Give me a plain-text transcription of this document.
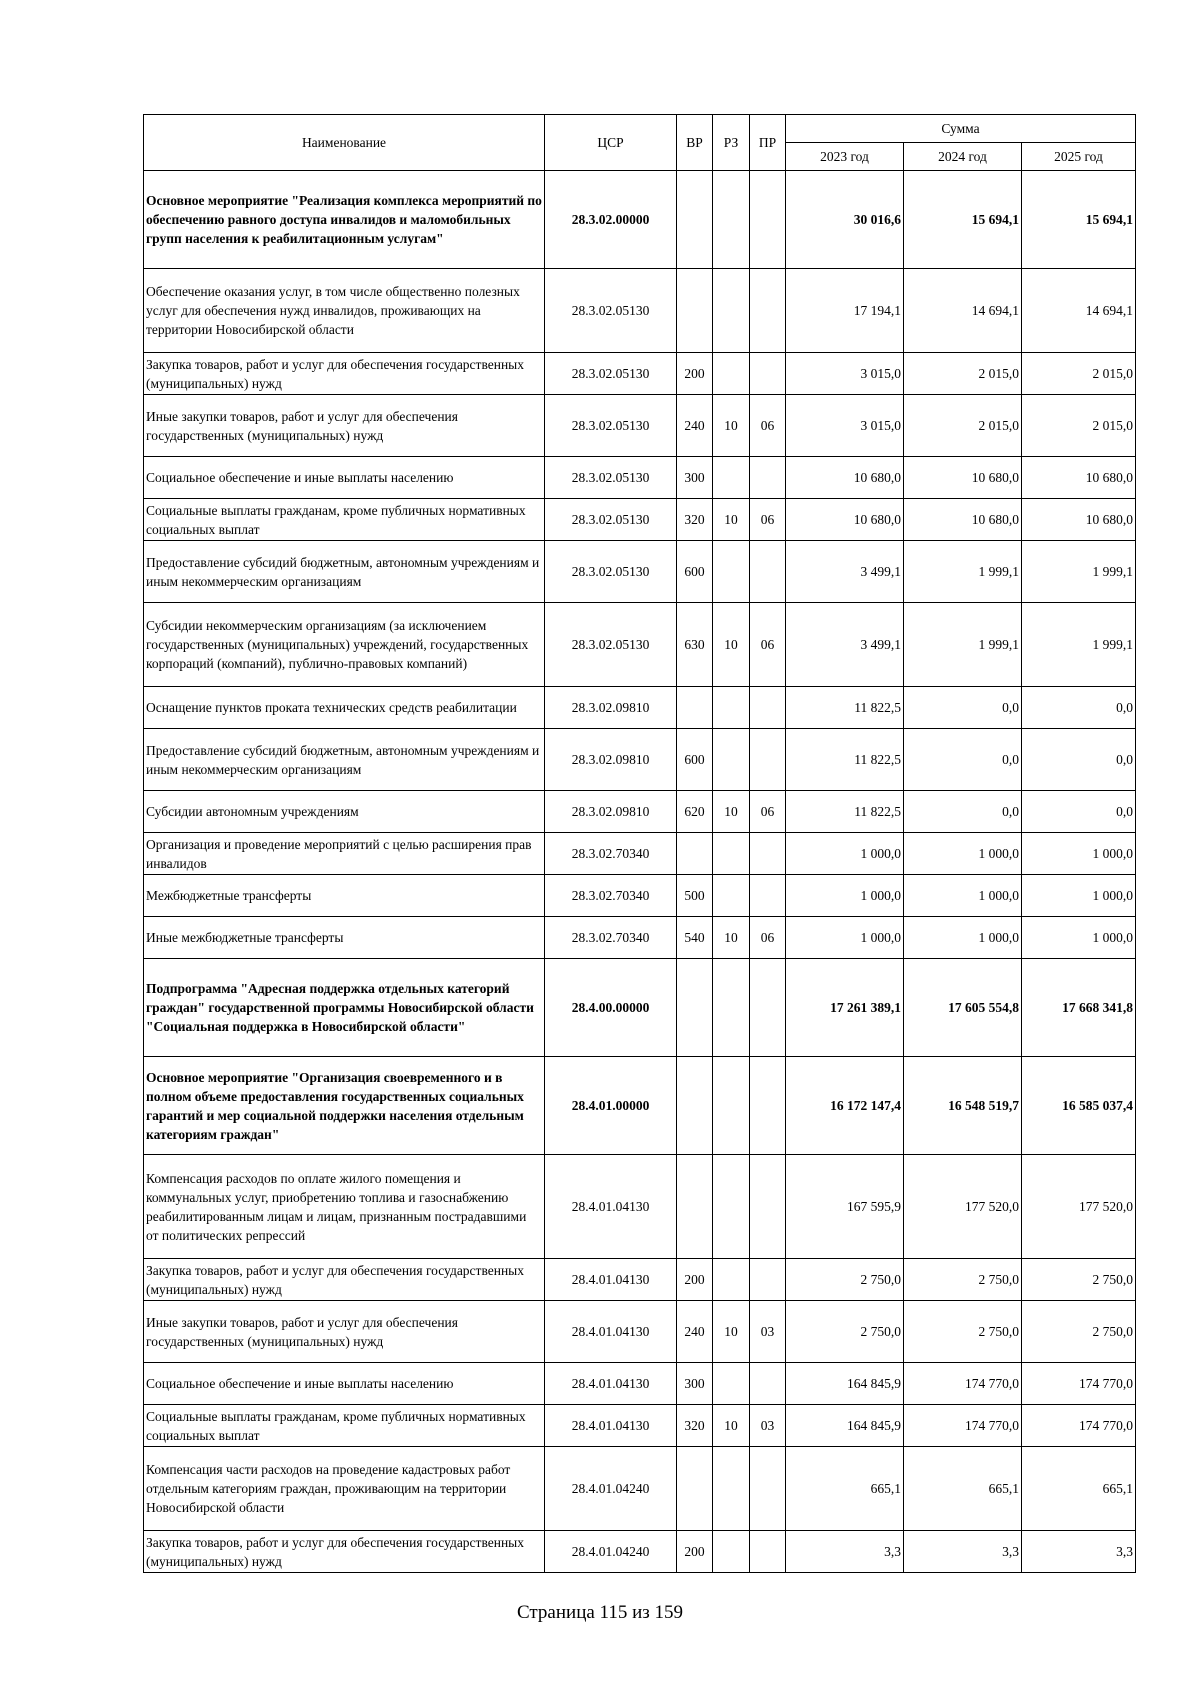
Наименование	ЦСР	ВР	РЗ	ПР	Сумма		
					2023 год	2024 год	2025 год
Основное мероприятие "Реализация комплекса мероприятий по обеспечению равного доступа инвалидов и маломобильных групп населения к реабилитационным услугам"	28.3.02.00000				30 016,6	15 694,1	15 694,1
Обеспечение оказания услуг, в том числе общественно полезных услуг для обеспечения нужд инвалидов, проживающих на территории Новосибирской области	28.3.02.05130				17 194,1	14 694,1	14 694,1
Закупка товаров, работ и услуг для обеспечения государственных (муниципальных) нужд	28.3.02.05130	200			3 015,0	2 015,0	2 015,0
Иные закупки товаров, работ и услуг для обеспечения государственных (муниципальных) нужд	28.3.02.05130	240	10	06	3 015,0	2 015,0	2 015,0
Социальное обеспечение и иные выплаты населению	28.3.02.05130	300			10 680,0	10 680,0	10 680,0
Социальные выплаты гражданам, кроме публичных нормативных социальных выплат	28.3.02.05130	320	10	06	10 680,0	10 680,0	10 680,0
Предоставление субсидий бюджетным, автономным учреждениям и иным некоммерческим организациям	28.3.02.05130	600			3 499,1	1 999,1	1 999,1
Субсидии некоммерческим организациям (за исключением государственных (муниципальных) учреждений, государственных корпораций (компаний), публично-правовых компаний)	28.3.02.05130	630	10	06	3 499,1	1 999,1	1 999,1
Оснащение пунктов проката технических средств реабилитации	28.3.02.09810				11 822,5	0,0	0,0
Предоставление субсидий бюджетным, автономным учреждениям и иным некоммерческим организациям	28.3.02.09810	600			11 822,5	0,0	0,0
Субсидии автономным учреждениям	28.3.02.09810	620	10	06	11 822,5	0,0	0,0
Организация и проведение мероприятий с целью расширения прав инвалидов	28.3.02.70340				1 000,0	1 000,0	1 000,0
Межбюджетные трансферты	28.3.02.70340	500			1 000,0	1 000,0	1 000,0
Иные межбюджетные трансферты	28.3.02.70340	540	10	06	1 000,0	1 000,0	1 000,0
Подпрограмма "Адресная поддержка отдельных категорий граждан" государственной программы Новосибирской области "Социальная поддержка в Новосибирской области"	28.4.00.00000				17 261 389,1	17 605 554,8	17 668 341,8
Основное мероприятие "Организация своевременного и в полном объеме предоставления государственных социальных гарантий и мер социальной поддержки населения отдельным категориям граждан"	28.4.01.00000				16 172 147,4	16 548 519,7	16 585 037,4
Компенсация расходов по оплате жилого помещения и коммунальных услуг, приобретению топлива и газоснабжению реабилитированным лицам и лицам, признанным пострадавшими от политических репрессий	28.4.01.04130				167 595,9	177 520,0	177 520,0
Закупка товаров, работ и услуг для обеспечения государственных (муниципальных) нужд	28.4.01.04130	200			2 750,0	2 750,0	2 750,0
Иные закупки товаров, работ и услуг для обеспечения государственных (муниципальных) нужд	28.4.01.04130	240	10	03	2 750,0	2 750,0	2 750,0
Социальное обеспечение и иные выплаты населению	28.4.01.04130	300			164 845,9	174 770,0	174 770,0
Социальные выплаты гражданам, кроме публичных нормативных социальных выплат	28.4.01.04130	320	10	03	164 845,9	174 770,0	174 770,0
Компенсация части расходов на проведение кадастровых работ отдельным категориям граждан, проживающим на территории Новосибирской области	28.4.01.04240				665,1	665,1	665,1
Закупка товаров, работ и услуг для обеспечения государственных (муниципальных) нужд	28.4.01.04240	200			3,3	3,3	3,3
Страница 115 из 159
